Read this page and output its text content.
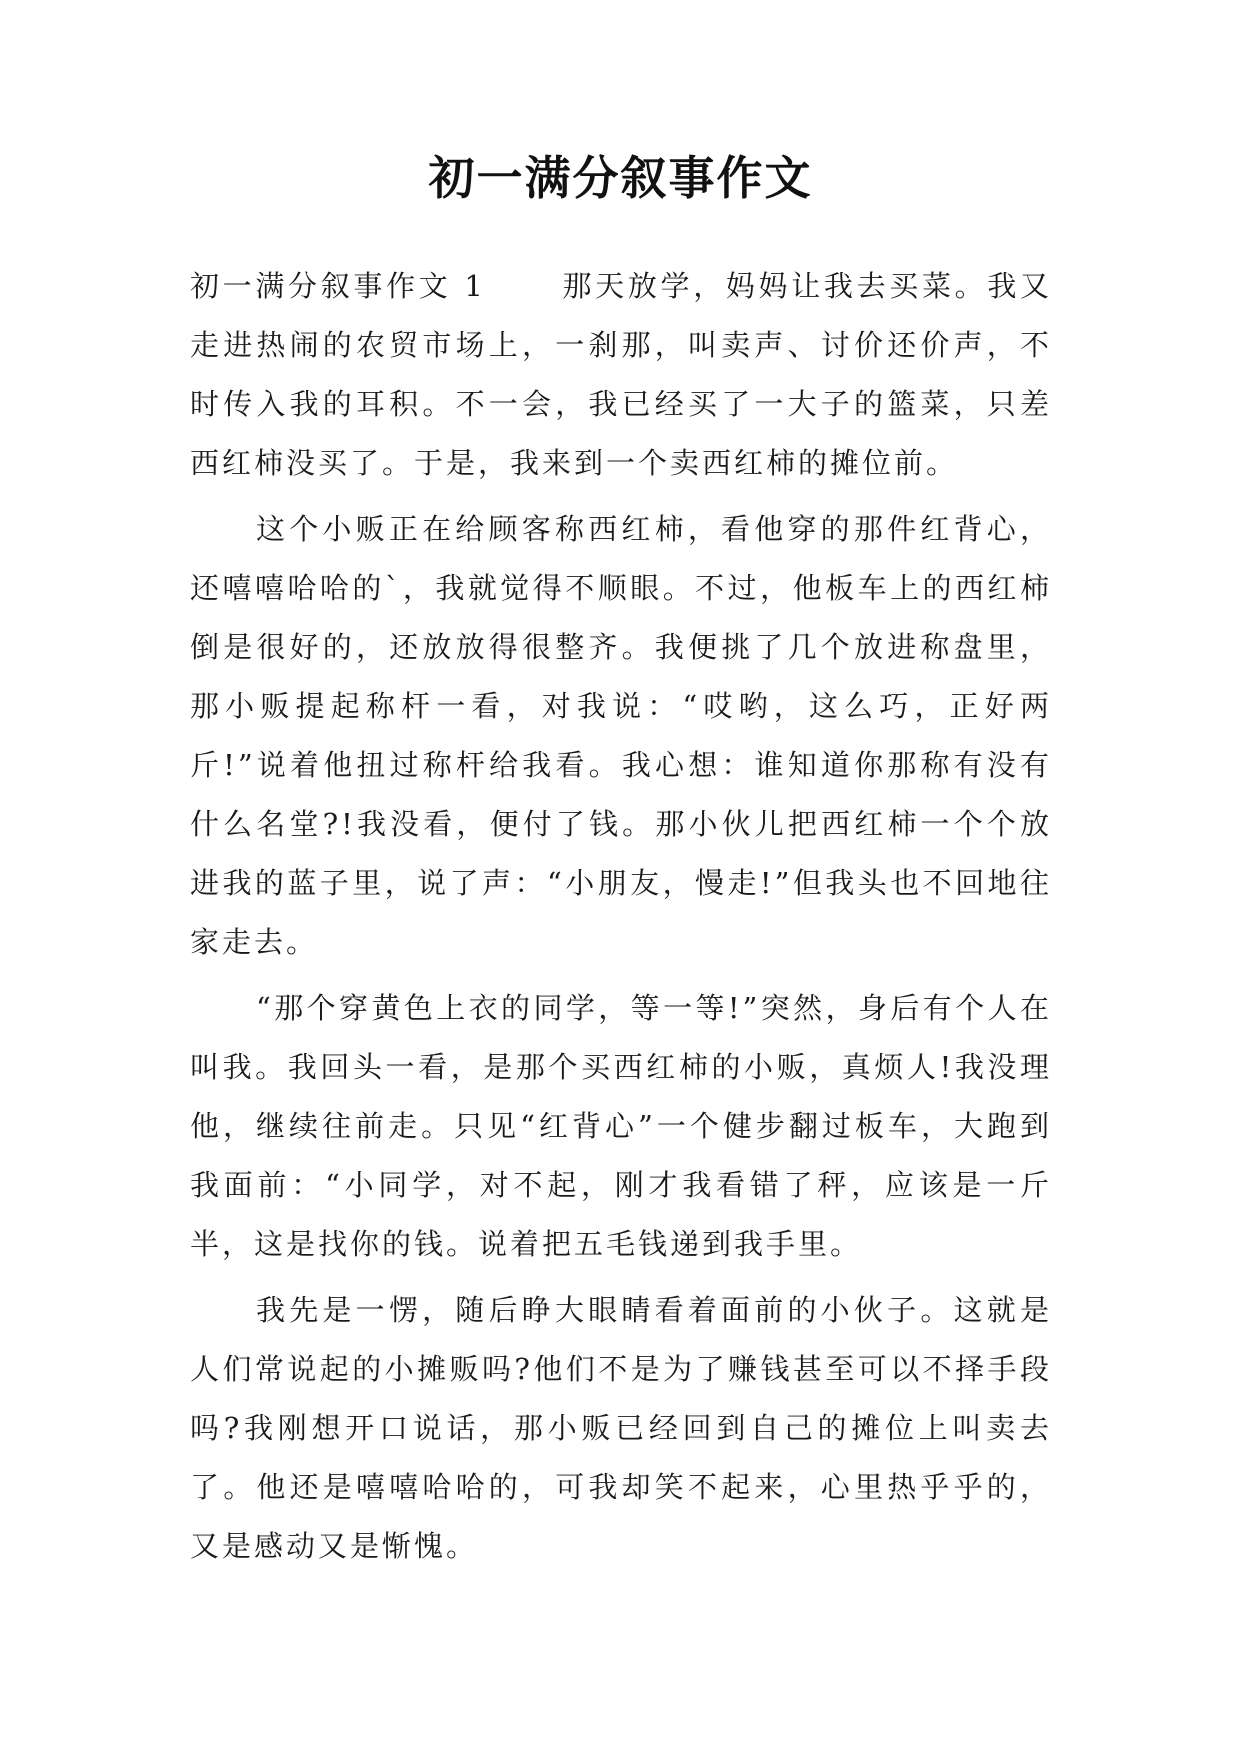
初一满分叙事作文

初一满分叙事作文 1	那天放学，妈妈让我去买菜。我又走进热闹的农贸市场上，一刹那，叫卖声、讨价还价声，不时传入我的耳积。不一会，我已经买了一大子的篮菜，只差西红柿没买了。于是，我来到一个卖西红柿的摊位前。

这个小贩正在给顾客称西红柿，看他穿的那件红背心，还嘻嘻哈哈的`，我就觉得不顺眼。不过，他板车上的西红柿倒是很好的，还放放得很整齐。我便挑了几个放进称盘里，那小贩提起称杆一看，对我说：“哎哟，这么巧，正好两斤!”说着他扭过称杆给我看。我心想：谁知道你那称有没有什么名堂?!我没看，便付了钱。那小伙儿把西红柿一个个放进我的蓝子里，说了声：“小朋友，慢走!”但我头也不回地往家走去。

“那个穿黄色上衣的同学，等一等!”突然，身后有个人在叫我。我回头一看，是那个买西红柿的小贩，真烦人!我没理他，继续往前走。只见“红背心”一个健步翻过板车，大跑到我面前：“小同学，对不起，刚才我看错了秤，应该是一斤半，这是找你的钱。说着把五毛钱递到我手里。

我先是一愣，随后睁大眼睛看着面前的小伙子。这就是人们常说起的小摊贩吗?他们不是为了赚钱甚至可以不择手段吗?我刚想开口说话，那小贩已经回到自己的摊位上叫卖去了。他还是嘻嘻哈哈的，可我却笑不起来，心里热乎乎的，又是感动又是惭愧。
